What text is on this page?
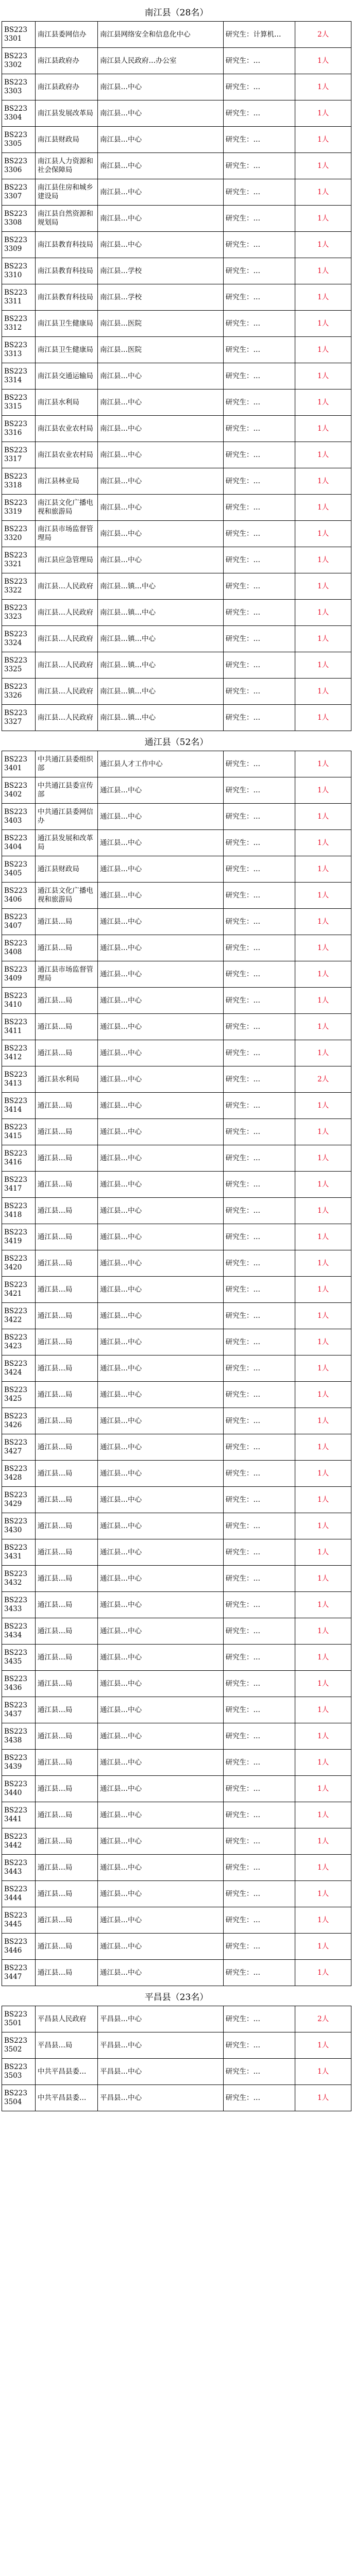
南江县（28名）
BS223 3301	南江县委网信办	南江县网络安全和信息化中心	研究生：计算机…	2人

BS223 3302	南江县政府办	南江县人民政府…办公室	研究生：…	1人

BS223 3303	南江县政府办	南江县…中心	研究生：…	1人

BS223 3304	南江县发展改革局	南江县…中心	研究生：…	1人

BS223 3305	南江县财政局	南江县…中心	研究生：…	1人

BS223 3306	南江县人力资源和社会保障局	南江县…中心	研究生：…	1人

BS223 3307	南江县住房和城乡建设局	南江县…中心	研究生：…	1人

BS223 3308	南江县自然资源和规划局	南江县…中心	研究生：…	1人

BS223 3309	南江县教育科技局	南江县…中心	研究生：…	1人

BS223 3310	南江县教育科技局	南江县…学校	研究生：…	1人

BS223 3311	南江县教育科技局	南江县…学校	研究生：…	1人

BS223 3312	南江县卫生健康局	南江县…医院	研究生：…	1人

BS223 3313	南江县卫生健康局	南江县…医院	研究生：…	1人

BS223 3314	南江县交通运输局	南江县…中心	研究生：…	1人

BS223 3315	南江县水利局	南江县…中心	研究生：…	1人

BS223 3316	南江县农业农村局	南江县…中心	研究生：…	1人

BS223 3317	南江县农业农村局	南江县…中心	研究生：…	1人

BS223 3318	南江县林业局	南江县…中心	研究生：…	1人

BS223 3319	南江县文化广播电视和旅游局	南江县…中心	研究生：…	1人

BS223 3320	南江县市场监督管理局	南江县…中心	研究生：…	1人

BS223 3321	南江县应急管理局	南江县…中心	研究生：…	1人

BS223 3322	南江县…人民政府	南江县…镇…中心	研究生：…	1人

BS223 3323	南江县…人民政府	南江县…镇…中心	研究生：…	1人

BS223 3324	南江县…人民政府	南江县…镇…中心	研究生：…	1人

BS223 3325	南江县…人民政府	南江县…镇…中心	研究生：…	1人

BS223 3326	南江县…人民政府	南江县…镇…中心	研究生：…	1人

BS223 3327	南江县…人民政府	南江县…镇…中心	研究生：…	1人
通江县（52名）
BS223 3401	中共通江县委组织部	通江县人才工作中心	研究生：…	1人

BS223 3402	中共通江县委宣传部	通江县…中心	研究生：…	1人

BS223 3403	中共通江县委网信办	通江县…中心	研究生：…	1人

BS223 3404	通江县发展和改革局	通江县…中心	研究生：…	1人

BS223 3405	通江县财政局	通江县…中心	研究生：…	1人

BS223 3406	通江县文化广播电视和旅游局	通江县…中心	研究生：…	1人

BS223 3407	通江县…局	通江县…中心	研究生：…	1人

BS223 3408	通江县…局	通江县…中心	研究生：…	1人

BS223 3409	通江县市场监督管理局	通江县…中心	研究生：…	1人

BS223 3410	通江县…局	通江县…中心	研究生：…	1人

BS223 3411	通江县…局	通江县…中心	研究生：…	1人

BS223 3412	通江县…局	通江县…中心	研究生：…	1人

BS223 3413	通江县水利局	通江县…中心	研究生：…	2人

BS223 3414	通江县…局	通江县…中心	研究生：…	1人

BS223 3415	通江县…局	通江县…中心	研究生：…	1人

BS223 3416	通江县…局	通江县…中心	研究生：…	1人

BS223 3417	通江县…局	通江县…中心	研究生：…	1人

BS223 3418	通江县…局	通江县…中心	研究生：…	1人

BS223 3419	通江县…局	通江县…中心	研究生：…	1人

BS223 3420	通江县…局	通江县…中心	研究生：…	1人

BS223 3421	通江县…局	通江县…中心	研究生：…	1人

BS223 3422	通江县…局	通江县…中心	研究生：…	1人

BS223 3423	通江县…局	通江县…中心	研究生：…	1人

BS223 3424	通江县…局	通江县…中心	研究生：…	1人

BS223 3425	通江县…局	通江县…中心	研究生：…	1人

BS223 3426	通江县…局	通江县…中心	研究生：…	1人

BS223 3427	通江县…局	通江县…中心	研究生：…	1人

BS223 3428	通江县…局	通江县…中心	研究生：…	1人

BS223 3429	通江县…局	通江县…中心	研究生：…	1人

BS223 3430	通江县…局	通江县…中心	研究生：…	1人

BS223 3431	通江县…局	通江县…中心	研究生：…	1人

BS223 3432	通江县…局	通江县…中心	研究生：…	1人

BS223 3433	通江县…局	通江县…中心	研究生：…	1人

BS223 3434	通江县…局	通江县…中心	研究生：…	1人

BS223 3435	通江县…局	通江县…中心	研究生：…	1人

BS223 3436	通江县…局	通江县…中心	研究生：…	1人

BS223 3437	通江县…局	通江县…中心	研究生：…	1人

BS223 3438	通江县…局	通江县…中心	研究生：…	1人

BS223 3439	通江县…局	通江县…中心	研究生：…	1人

BS223 3440	通江县…局	通江县…中心	研究生：…	1人

BS223 3441	通江县…局	通江县…中心	研究生：…	1人

BS223 3442	通江县…局	通江县…中心	研究生：…	1人

BS223 3443	通江县…局	通江县…中心	研究生：…	1人

BS223 3444	通江县…局	通江县…中心	研究生：…	1人

BS223 3445	通江县…局	通江县…中心	研究生：…	1人

BS223 3446	通江县…局	通江县…中心	研究生：…	1人

BS223 3447	通江县…局	通江县…中心	研究生：…	1人
平昌县（23名）
BS223 3501	平昌县人民政府	平昌县…中心	研究生：…	2人

BS223 3502	平昌县…局	平昌县…中心	研究生：…	1人

BS223 3503	中共平昌县委…	平昌县…中心	研究生：…	1人

BS223 3504	中共平昌县委…	平昌县…中心	研究生：…	1人
